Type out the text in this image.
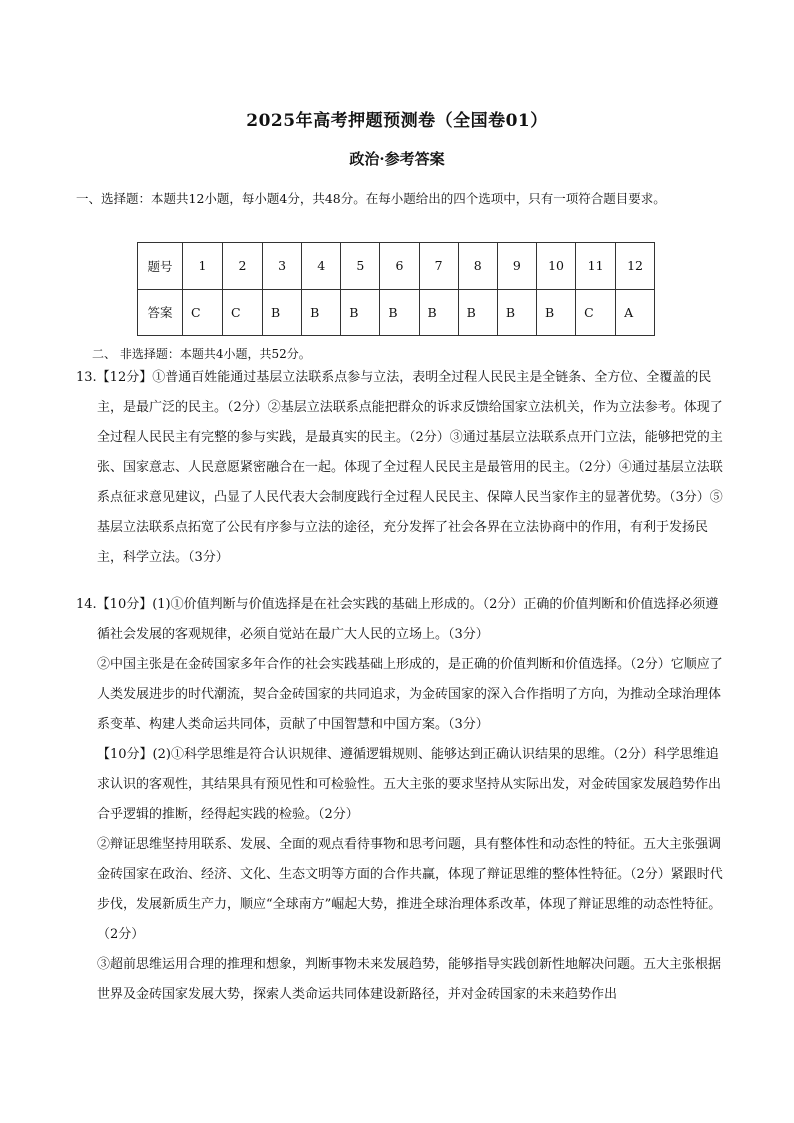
2025年高考押题预测卷（全国卷01）
政治·参考答案
一、选择题：本题共12小题，每小题4分，共48分。在每小题给出的四个选项中，只有一项符合题目要求。
题号	1	2	3	4	5	6	7	8	9	10	11	12
答案	C	C	B	B	B	B	B	B	B	B	C	A
二、 非选择题：本题共4小题，共52分。

13.【12分】①普通百姓能通过基层立法联系点参与立法，表明全过程人民民主是全链条、全方位、全覆盖的民主，是最广泛的民主。（2分）②基层立法联系点能把群众的诉求反馈给国家立法机关，作为立法参考。体现了全过程人民民主有完整的参与实践，是最真实的民主。（2分）③通过基层立法联系点开门立法，能够把党的主张、国家意志、人民意愿紧密融合在一起。体现了全过程人民民主是最管用的民主。（2分）④通过基层立法联系点征求意见建议，凸显了人民代表大会制度践行全过程人民民主、保障人民当家作主的显著优势。（3分）⑤基层立法联系点拓宽了公民有序参与立法的途径，充分发挥了社会各界在立法协商中的作用，有利于发扬民主，科学立法。（3分）

14.【10分】(1)①价值判断与价值选择是在社会实践的基础上形成的。（2分）正确的价值判断和价值选择必须遵循社会发展的客观规律，必须自觉站在最广大人民的立场上。（3分）

②中国主张是在金砖国家多年合作的社会实践基础上形成的，是正确的价值判断和价值选择。（2分）它顺应了人类发展进步的时代潮流，契合金砖国家的共同追求，为金砖国家的深入合作指明了方向，为推动全球治理体系变革、构建人类命运共同体，贡献了中国智慧和中国方案。（3分）

【10分】(2)①科学思维是符合认识规律、遵循逻辑规则、能够达到正确认识结果的思维。（2分）科学思维追求认识的客观性，其结果具有预见性和可检验性。五大主张的要求坚持从实际出发，对金砖国家发展趋势作出合乎逻辑的推断，经得起实践的检验。（2分）

②辩证思维坚持用联系、发展、全面的观点看待事物和思考问题，具有整体性和动态性的特征。五大主张强调金砖国家在政治、经济、文化、生态文明等方面的合作共赢，体现了辩证思维的整体性特征。（2分）紧跟时代步伐，发展新质生产力，顺应“全球南方”崛起大势，推进全球治理体系改革，体现了辩证思维的动态性特征。（2分）

③超前思维运用合理的推理和想象，判断事物未来发展趋势，能够指导实践创新性地解决问题。五大主张根据世界及金砖国家发展大势，探索人类命运共同体建设新路径，并对金砖国家的未来趋势作出
